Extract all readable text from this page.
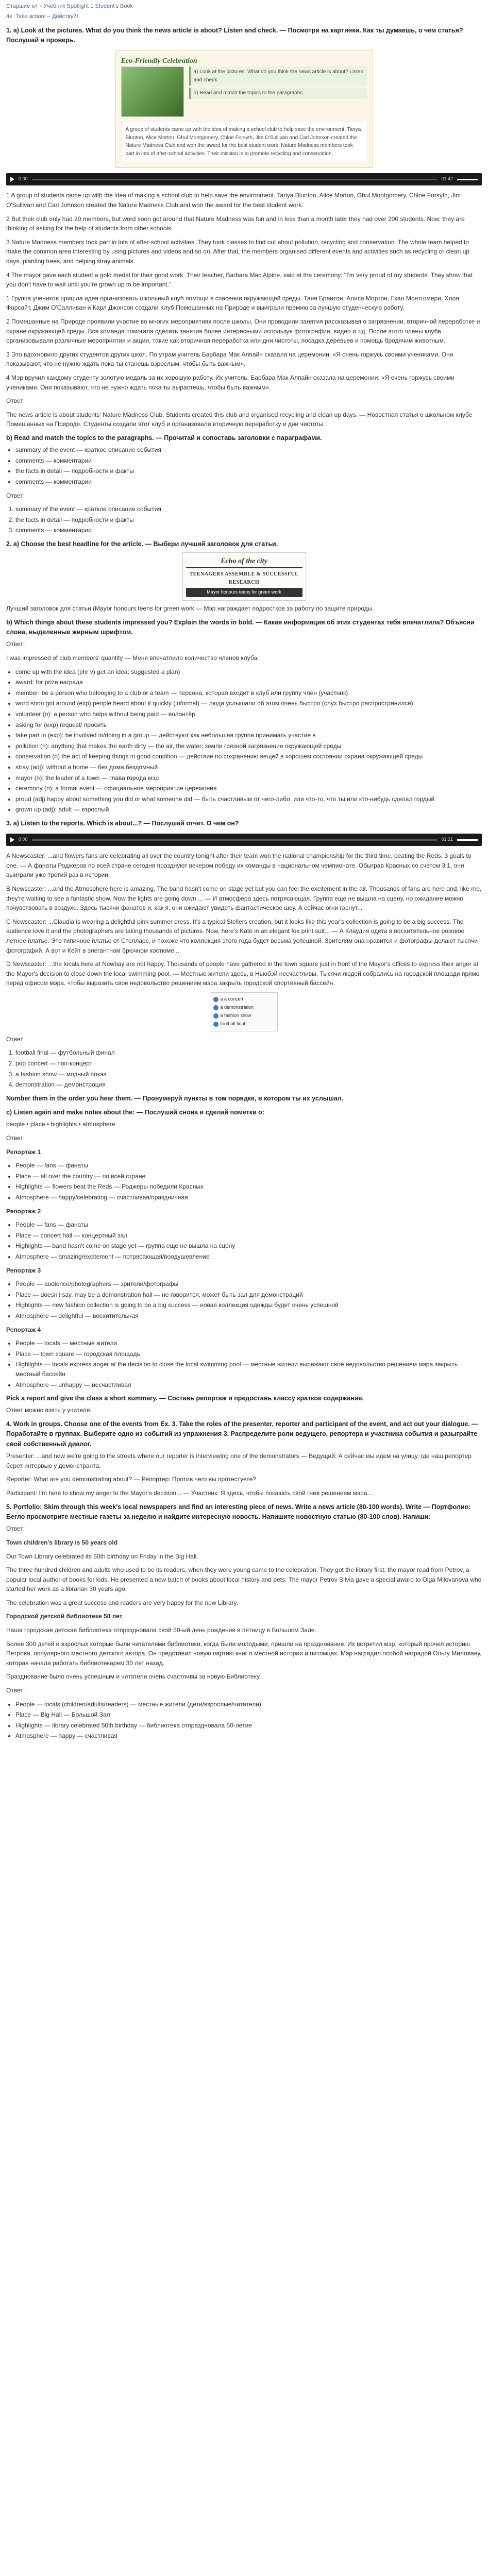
Старшие кл › Учебник Spotlight 1 Student's Book
4e. Take action! – Действуй!
1. a) Look at the pictures. What do you think the news article is about? Listen and check. — Посмотри на картинки. Как ты думаешь, о чем статья? Послушай и проверь.
Eco-Friendly Celebration
a) Look at the pictures. What do you think the news article is about? Listen and check.
b) Read and match the topics to the paragraphs.
A group of students came up with the idea of making a school club to help save the environment. Tanya Blunton, Alice Morton, Ghul Montgomery, Chloe Forsyth, Jim O'Sullivan and Carl Johnson created the Nature Madness Club and won the award for the best student work. Nature Madness members took part in lots of after-school activities. Their mission is to promote recycling and conservation.
0:00	01:42

1 A group of students came up with the idea of making a school club to help save the environment. Tanya Blunton, Alice Morton, Ghul Montgomery, Chloe Forsyth, Jim O'Sullivan and Carl Johnson created the Nature Madness Club and won the award for the best student work.

2 But their club only had 20 members, but word soon got around that Nature Madness was fun and in less than a month later they had over 200 students. Now, they are thinking of asking for the help of students from other schools.

3 Nature Madness members took part in lots of after-school activities. They took classes to find out about pollution, recycling and conservation. The whole team helped to make the common area interesting by using pictures and videos and so on. After that, the members organised different events and activities such as recycling or clean up days, planting trees, and helping stray animals.

4 The mayor gave each student a gold medal for their good work. Their teacher, Barbara Mac Alpine, said at the ceremony: "I'm very proud of my students. They show that you don't have to wait until you're grown up to be important."

1 Группа учеников пришла идея организовать школьный клуб помощи в спасении окружающей среды. Таня Брантон, Алиса Мортон, Гхал Монтгомери, Хлоя Форсайт, Джим О'Салливан и Карл Джонсон создали Клуб Помешанных на Природе и выиграли премию за лучшую студенческую работу.

2 Помешанные на Природе проявили участие во многих мероприятиях после школы. Они проводили занятия рассказывая о загрязнении, вторичной переработке и охране окружающей среды. Вся команда помогала сделать занятия более интересными используя фотографии, видео и т.д. После этого члены клуба организовывали различные мероприятия и акции, такие как вторичная переработка или дни чистоты, посадка деревьев и помощь бродячим животным.

3 Это вдохновило других студентов других школ. По утрам учитель Барбара Мак Алпайн сказала на церемонии: «Я очень горжусь своими учениками. Они показывают, что не нужно ждать пока ты станешь взрослым, чтобы быть важным».

4 Мэр вручил каждому студенту золотую медаль за их хорошую работу. Их учитель, Барбара Мак Алпайн сказала на церемонии: «Я очень горжусь своими учениками. Они показывают, что не нужно ждать пока ты вырастешь, чтобы быть важным».

Ответ:

The news article is about students' Nature Madness Club. Students created this club and organised recycling and clean up days. — Новостная статья о школьном клубе Помешанных на Природе. Студенты создали этот клуб и организовали вторичную переработку и дни чистоты.

b) Read and match the topics to the paragraphs. — Прочитай и сопоставь заголовки с параграфами.
• summary of the event — краткое описание события
• comments — комментарии
• the facts in detail — подробности и факты
• comments — комментарии

Ответ:

1. summary of the event — краткое описание события
2. the facts in detail — подробности и факты
3. comments — комментарии
2. a) Choose the best headline for the article. — Выбери лучший заголовок для статьи.
Echo of the city
TEENAGERS ASSEMBLE & SUCCESSFUL RESEARCH
Mayor honours teens for green work

Лучший заголовок для статьи (Mayor honours teens for green work — Мэр награждает подростков за работу по защите природы.

b) Which things about these students impressed you? Explain the words in bold. — Какая информация об этих студентах тебя впечатлила? Объясни слова, выделенные жирным шрифтом.

Ответ:

I was impressed of club members' quantity — Меня впечатлило количество членов клуба.

• come up with the idea (phr v) get an idea; suggested a plan)
• award: for prize награда
• member: be a person who belonging to a club or a team — персона, которая входит в клуб или группу член (участник)
• word soon got around (exp) people heard about it quickly (informal) — люди услышали об этом очень быстро (слух быстро распространился)
• volunteer (n): a person who helps without being paid — волонтёр
• asking for (exp) request/ просить
• take part in (exp): be involved in/doing in a group — действуют как небольшая группа принимать участие в
• pollution (n): anything that makes the earth dirty — the air, the water; земли грязной загрязнение окружающей среды
• conservation (n) the act of keeping things in good condition — действие по сохранению вещей в хорошем состоянии охрана окружающей среды
• stray (adj): without a home — без дома бездомный
• mayor (n): the leader of a town — глава города мэр
• ceremony (n): a formal event — официальное мероприятие церемония
• proud (adj) happy about something you did or what someone did — быть счастливым от чего-либо, или что-то, что ты или кто-нибудь сделал гордый
• grown up (adj): adult — взрослый
3. a) Listen to the reports. Which is about...? — Послушай отчет. О чем он?
0:00	01:21

A Newscaster: ...and flowers fans are celebrating all over the country tonight after their team won the national championship for the third time, beating the Reds, 3 goals to one. — А фанаты Роджеров по всей стране сегодня празднуют вечером победу их команды в национальном чемпионате. Обыграв Красных со счетом 3:1, они выиграли уже третий раз в истории.

B Newscaster: ...and the Atmosphere here is amazing. The band hasn't come on stage yet but you can feel the excitement in the air. Thousands of fans are here and, like me, they're waiting to see a fantastic show. Now the lights are going down ... — И атмосфера здесь потрясающая. Группа еще не вышла на сцену, но ожидание можно почувствовать в воздухе. Здесь тысячи фанатов и, как я, они ожидают увидеть фантастическое шоу. А сейчас огни гаснут...

C Newscaster: ...Claudia is wearing a delightful pink summer dress. It's a typical Stellers creation, but it looks like this year's collection is going to be a big success. The audience love it and the photographers are taking thousands of pictures. Now, here's Kate in an elegant fox print suit... — А Клаудия одета в восхитительное розовое летнее платье. Это типичное платье от Стелларс, и похоже что коллекция этого года будет весьма успешной. Зрителям она нравится и фотографы делают тысячи фотографий. А вот и Кейт в элегантном брючном костюме...

D Newscaster: ...the locals here at Newbay are not happy. Thousands of people have gathered in the town square just in front of the Mayor's offices to express their anger at the Mayor's decision to close down the local swimming pool. — Местные жители здесь, в Ньюбэй несчастливы. Тысячи людей собрались на городской площади прямо перед офисом мэра, чтобы выразить свое недовольство решением мэра закрыть городской спортивный бассейн.

a a concert
a demonstration
a fashion show
football final

Ответ:

1. football final — футбольный финал
2. pop concert — поп-концерт
3. a fashion show — модный показ
4. demonstration — демонстрация
Number them in the order you hear them. — Пронумеруй пункты в том порядке, в котором ты их услышал.
c) Listen again and make notes about the: — Послушай снова и сделай пометки о:

people • place • highlights • atmosphere

Ответ:

Репортаж 1

• People — fans — фанаты
• Place — all over the country — по всей стране
• Highlights — flowers beat the Reds — Роджеры победили Красных
• Atmosphere — happy/celebrating — счастливая/праздничная

Репортаж 2

• People — fans — фанаты
• Place — concert hall — концертный зал
• Highlights — band hasn't come on stage yet — группа еще не вышла на сцену
• Atmosphere — amazing/excitement — потрясающая/воодушевление

Репортаж 3

• People — audience/photographers — зрители/фотографы
• Place — doesn't say, may be a demonstration hall — не говорится, может быть зал для демонстраций
• Highlights — new fashion collection is going to be a big success — новая коллекция одежды будет очень успешной
• Atmosphere — delightful — восхитительная

Репортаж 4

• People — locals — местные жители
• Place — town square — городская площадь
• Highlights — locals express anger at the decision to close the local swimming pool — местные жители выражают свое недовольство решением мэра закрыть местный бассейн
• Atmosphere — unhappy — несчастливая
Pick a report and give the class a short summary. — Составь репортаж и предоставь классу краткое содержание.

Ответ можно взять у учителя.

4. Work in groups. Choose one of the events from Ex. 3. Take the roles of the presenter, reporter and participant of the event, and act out your dialogue. — Поработайте в группах. Выберите одно из событий из упражнения 3. Распределите роли ведущего, репортера и участника события и разыграйте свой собственный диалог.

Presenter: ...and now we're going to the streets where our reporter is interviewing one of the demonstrators — Ведущий: А сейчас мы идем на улицу, где наш репортер берет интервью у демонстранта.

Reporter: What are you demonstrating about? — Репортер: Против чего вы протестуете?

Participant: I'm here to show my anger to the Mayor's decision... — Участник: Я здесь, чтобы показать свой гнев решением мэра...

5. Portfolio: Skim through this week's local newspapers and find an interesting piece of news. Write a news article (80-100 words). Write — Портфолио: Бегло просмотрите местные газеты за неделю и найдите интересную новость. Напишите новостную статью (80-100 слов). Напиши:

Ответ:

Town children's library is 50 years old

Our Town Library celebrated its 50th birthday on Friday in the Big Hall.

The three hundred children and adults who used to be its readers, when they were young came to the celebration. They got the library first, the mayor read from Petrov, a popular local author of books for kids. He presented a new batch of books about local history and pets. The mayor Petrov Silvia gave a special award to Olga Milovanova who started her work as a librarian 30 years ago.

The celebration was a great success and readers are very happy for the new Library.

Городской детской библиотеке 50 лет

Наша городская детская библиотека отпраздновала свой 50-ый день рождения в пятницу в Большом Зале.

Более 300 детей и взрослых которые были читателями библиотеки, когда были молодыми, пришли на празднование. Их встретил мэр, который прочел историю Петрова, популярного местного детского автора. Он представил новую партию книг о местной истории и питомцах. Мэр наградил особой наградой Ольгу Миловану, которая начала работать библиотекарем 30 лет назад.

Празднование было очень успешным и читатели очень счастливы за новую Библиотеку.

Ответ:

• People — locals (children/adults/readers) — местные жители (дети/взрослые/читатели)
• Place — Big Hall — Большой Зал
• Highlights — library celebrated 50th birthday — библиотека отпраздновала 50-летие
• Atmosphere — happy — счастливая
